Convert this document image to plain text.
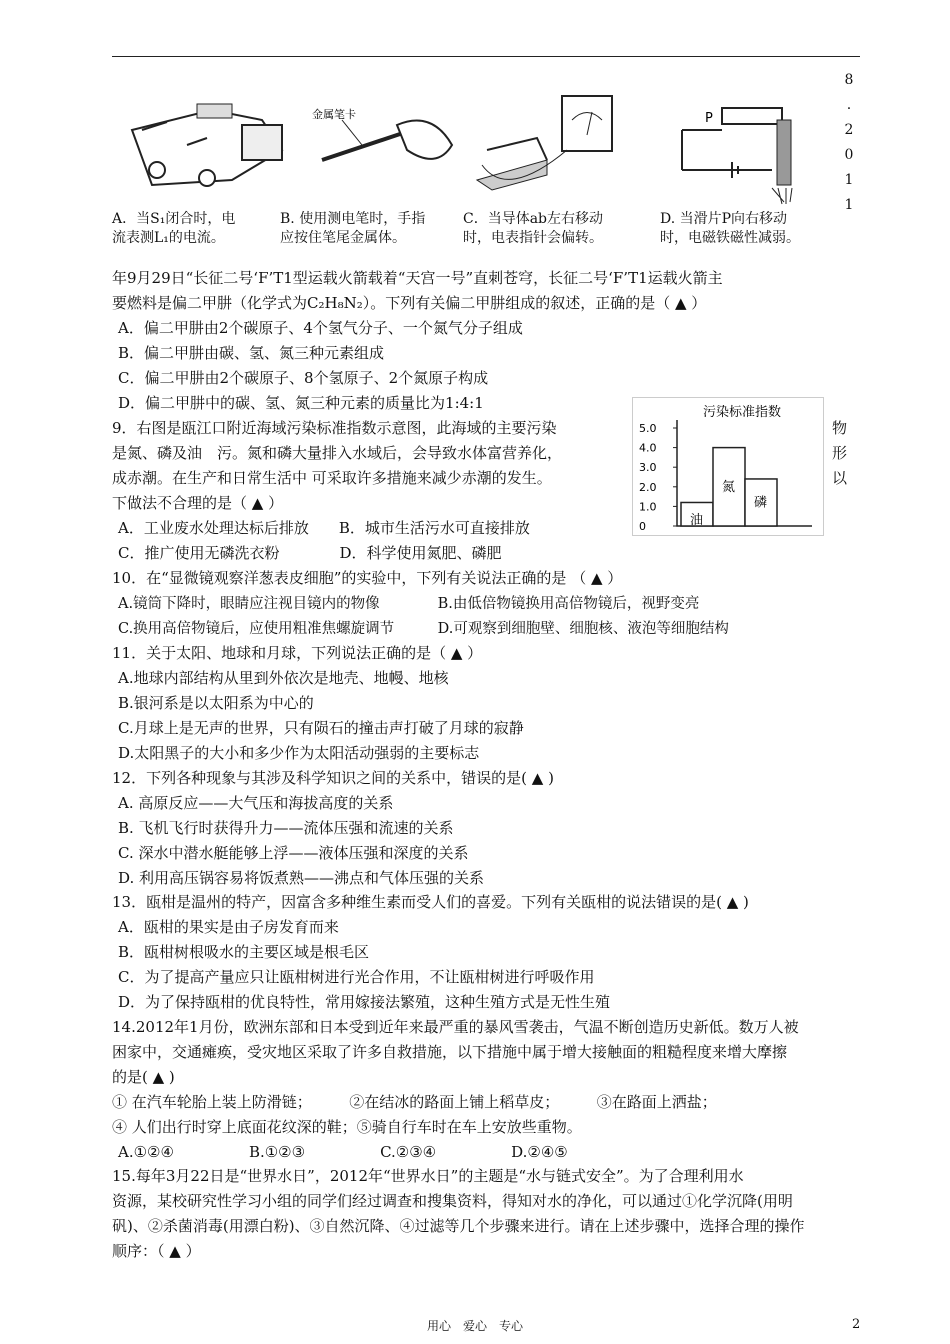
8
.
2
0
1
1
金属笔卡	P
A．当S₁闭合时，电
流表测L₁的电流。
B. 使用测电笔时，手指
应按住笔尾金属体。
C．当导体ab左右移动
时，电表指针会偏转。
D. 当滑片P向右移动
时，电磁铁磁性减弱。
年9月29日“长征二号‘F’T1型运载火箭载着“天宫一号”直刺苍穹，长征二号‘F’T1运载火箭主
要燃料是偏二甲肼（化学式为C₂H₈N₂）。下列有关偏二甲肼组成的叙述，正确的是（ ▲ ）
A．偏二甲肼由2个碳原子、4个氢气分子、一个氮气分子组成
B．偏二甲肼由碳、氢、氮三种元素组成
C．偏二甲肼由2个碳原子、8个氢原子、2个氮原子构成
D．偏二甲肼中的碳、氢、氮三种元素的质量比为1:4:1
9．右图是瓯江口附近海域污染标准指数示意图，此海域的主要污染	物
是氮、磷及油　污。氮和磷大量排入水域后，会导致水体富营养化，	形
成赤潮。在生产和日常生活中 可采取许多措施来减少赤潮的发生。	以
下做法不合理的是（ ▲ ）
A．工业废水处理达标后排放　　B．城市生活污水可直接排放
C．推广使用无磷洗衣粉　　　　D．科学使用氮肥、磷肥
污染标准指数
0
1.0
2.0
3.0
4.0
5.0
油
氮
磷
10．在“显微镜观察洋葱表皮细胞”的实验中，下列有关说法正确的是 （ ▲ ）
A.镜筒下降时，眼睛应注视目镜内的物像　　　　B.由低倍物镜换用高倍物镜后，视野变亮
C.换用高倍物镜后，应使用粗准焦螺旋调节　　　D.可观察到细胞壁、细胞核、液泡等细胞结构
11．关于太阳、地球和月球，下列说法正确的是（ ▲ ）
A.地球内部结构从里到外依次是地壳、地幔、地核
B.银河系是以太阳系为中心的
C.月球上是无声的世界，只有陨石的撞击声打破了月球的寂静
D.太阳黑子的大小和多少作为太阳活动强弱的主要标志
12．下列各种现象与其涉及科学知识之间的关系中，错误的是( ▲ )
A. 高原反应——大气压和海拔高度的关系
B. 飞机飞行时获得升力——流体压强和流速的关系
C. 深水中潜水艇能够上浮——液体压强和深度的关系
D. 利用高压锅容易将饭煮熟——沸点和气体压强的关系
13．瓯柑是温州的特产，因富含多种维生素而受人们的喜爱。下列有关瓯柑的说法错误的是( ▲ )
A．瓯柑的果实是由子房发育而来
B．瓯柑树根吸水的主要区域是根毛区
C．为了提高产量应只让瓯柑树进行光合作用，不让瓯柑树进行呼吸作用
D．为了保持瓯柑的优良特性，常用嫁接法繁殖，这种生殖方式是无性生殖
14.2012年1月份，欧洲东部和日本受到近年来最严重的暴风雪袭击，气温不断创造历史新低。数万人被
困家中，交通瘫痪，受灾地区采取了许多自救措施，以下措施中属于增大接触面的粗糙程度来增大摩擦
的是( ▲ )
① 在汽车轮胎上装上防滑链；　　　②在结冰的路面上铺上稻草皮；　　　③在路面上洒盐；
④ 人们出行时穿上底面花纹深的鞋；⑤骑自行车时在车上安放些重物。
A.①②④　　　　　B.①②③　　　　　C.②③④　　　　　D.②④⑤
15.每年3月22日是“世界水日”，2012年“世界水日”的主题是“水与链式安全”。为了合理利用水
资源，某校研究性学习小组的同学们经过调查和搜集资料，得知对水的净化，可以通过①化学沉降(用明
矾)、②杀菌消毒(用漂白粉)、③自然沉降、④过滤等几个步骤来进行。请在上述步骤中，选择合理的操作
顺序：（ ▲ ）
用心　爱心　专心	2
